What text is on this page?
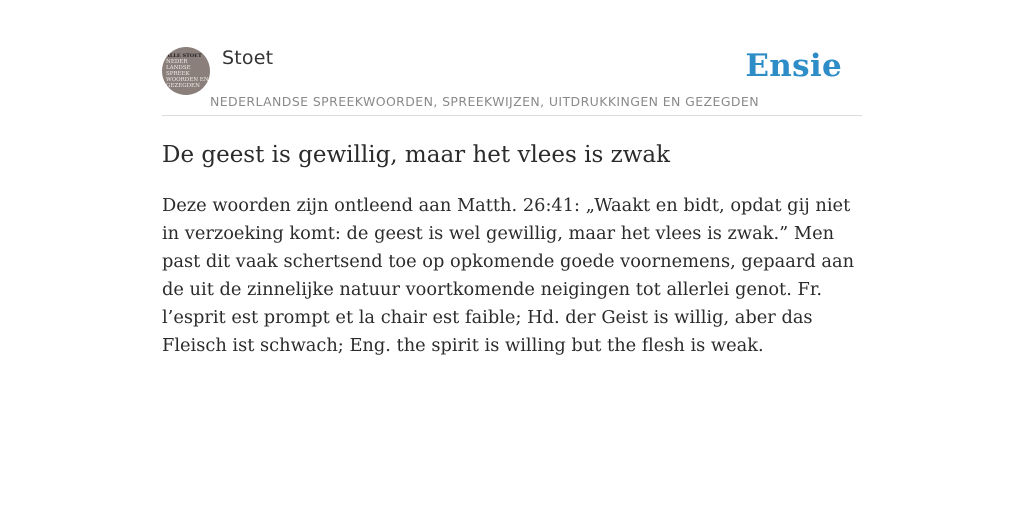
ALLE STOET
NEDER
LANDSE
SPREEK
WOORDEN EN
GEZEGDEN
Stoet
NEDERLANDSE SPREEKWOORDEN, SPREEKWIJZEN, UITDRUKKINGEN EN GEZEGDEN
Ensie
De geest is gewillig, maar het vlees is zwak

Deze woorden zijn ontleend aan Matth. 26:41: „Waakt en bidt, opdat gij niet in verzoeking komt: de geest is wel gewillig, maar het vlees is zwak.” Men past dit vaak schertsend toe op opkomende goede voornemens, gepaard aan de uit de zinnelijke natuur voortkomende neigingen tot allerlei genot. Fr. l’esprit est prompt et la chair est faible; Hd. der Geist is willig, aber das Fleisch ist schwach; Eng. the spirit is willing but the flesh is weak.
